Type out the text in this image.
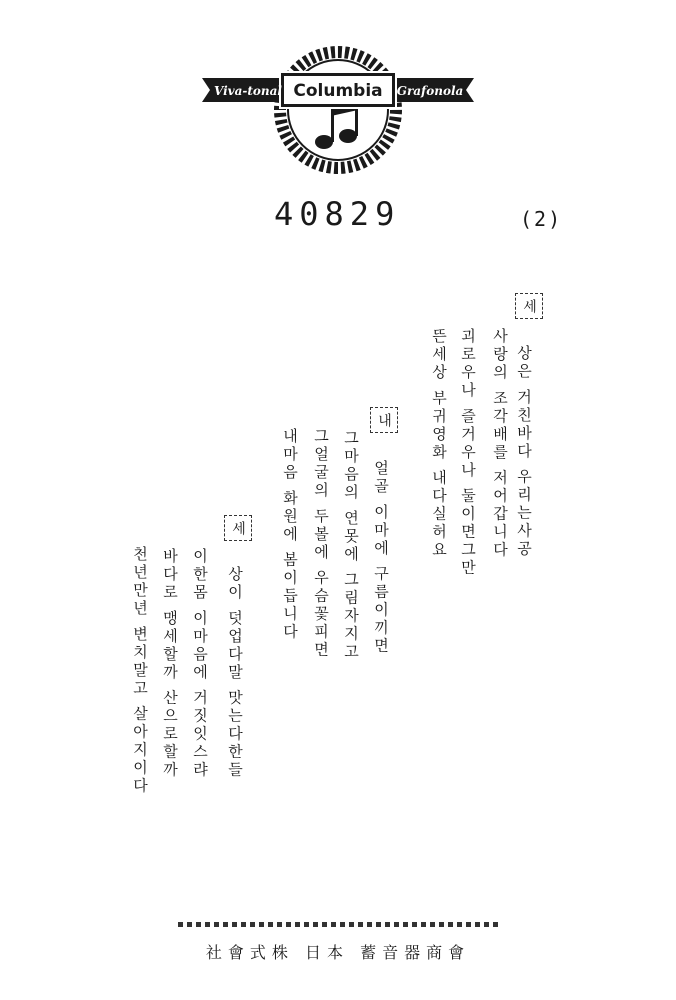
Viva-tonal Columbia Grafonola
40829	(2)
세
상은 거친바다 우리는사공
사랑의 조각배를 저어갑니다
괴로우나 즐거우나 둘이면그만
뜬세상 부귀영화 내다실허요
내
얼골 이마에 구름이끼면
그마음의 연못에 그림자지고
그얼굴의 두볼에 우슴꽃피면
내마음 화원에 봄이듭니다
세
상이 덧업다말 맛는다한들
이한몸 이마음에 거짓잇스랴
바다로 맹세할까 산으로할까
천년만년 변치말고 살아지이다
社會式株 日本 蓄音器商會
